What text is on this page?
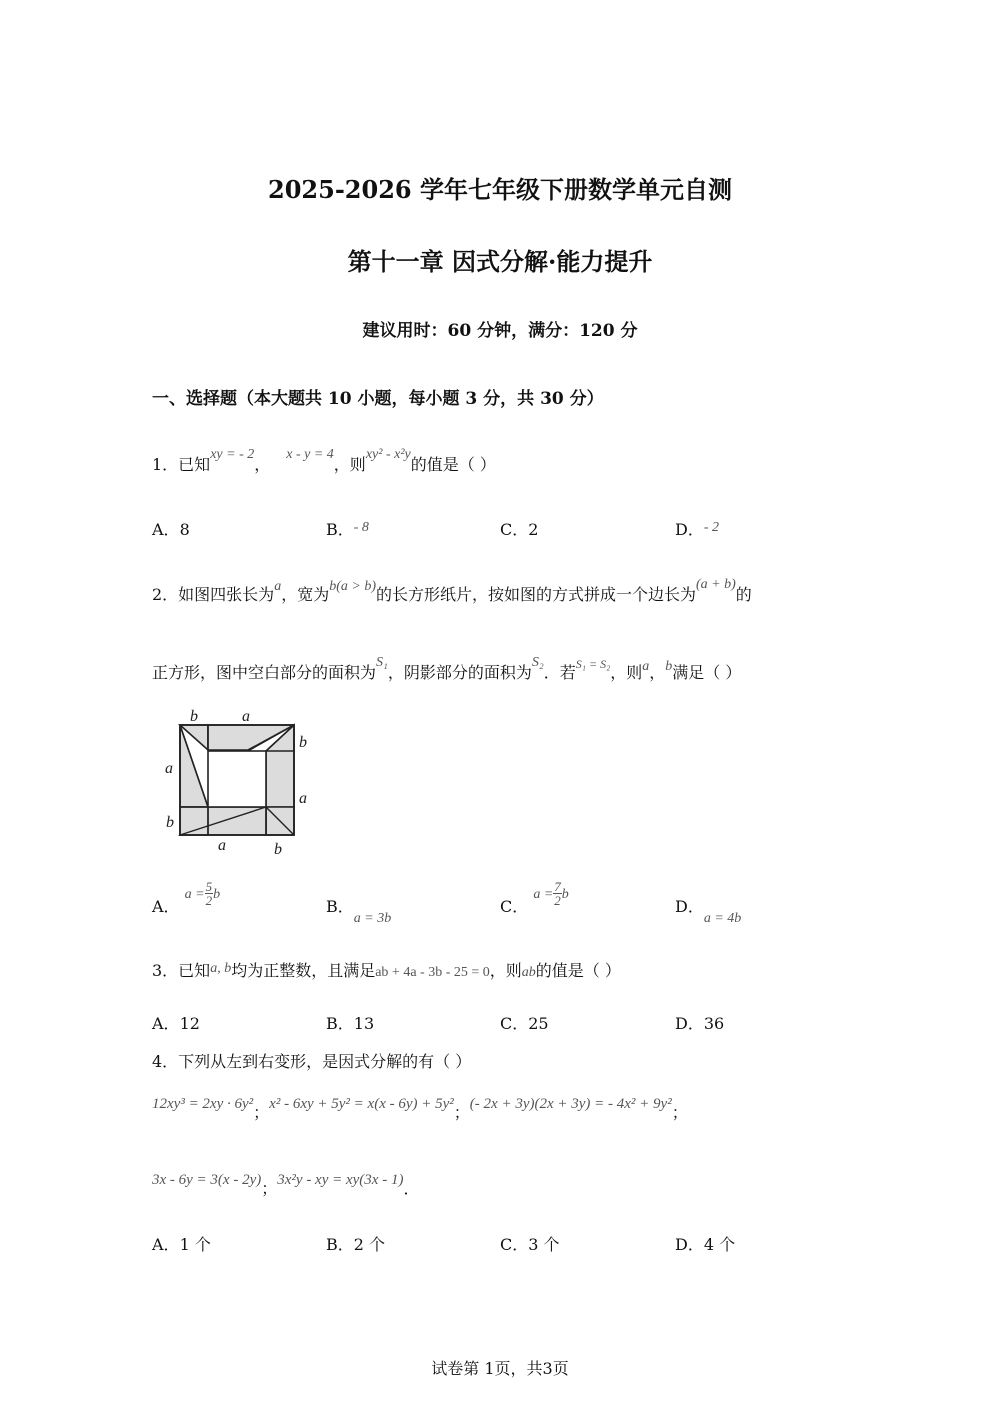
2025-2026 学年七年级下册数学单元自测
第十一章 因式分解·能力提升
建议用时：60 分钟，满分：120 分
一、选择题（本大题共 10 小题，每小题 3 分，共 30 分）
1．已知xy = - 2，x - y = 4，则xy² - x²y的值是（ ）
A．8	B．- 8	C．2	D．- 2
2．如图四张长为a，宽为b(a > b)的长方形纸片，按如图的方式拼成一个边长为(a + b)的
正方形，图中空白部分的面积为S₁，阴影部分的面积为S₂．若$^{S_1 = S_2}$，则a，b满足（ ）
b	a
b
a
a
b
a	b
A． $a = \frac{5}{2}$ b
B．a = 3b
C． $a = \frac{7}{2}$ b
D．a = 4b
3．已知a, b均为正整数，且满足ab + 4a - 3b - 25 = 0，则ab的值是（ ）
A．12	B．13	C．25	D．36
4．下列从左到右变形，是因式分解的有（ ）
12xy³ = 2xy · 6y²；x² - 6xy + 5y² = x(x - 6y) + 5y²；(- 2x + 3y)(2x + 3y) = - 4x² + 9y²；
3x - 6y = 3(x - 2y)；3x²y - xy = xy(3x - 1)．
A．1 个	B．2 个	C．3 个	D．4 个
试卷第 1页，共3页
